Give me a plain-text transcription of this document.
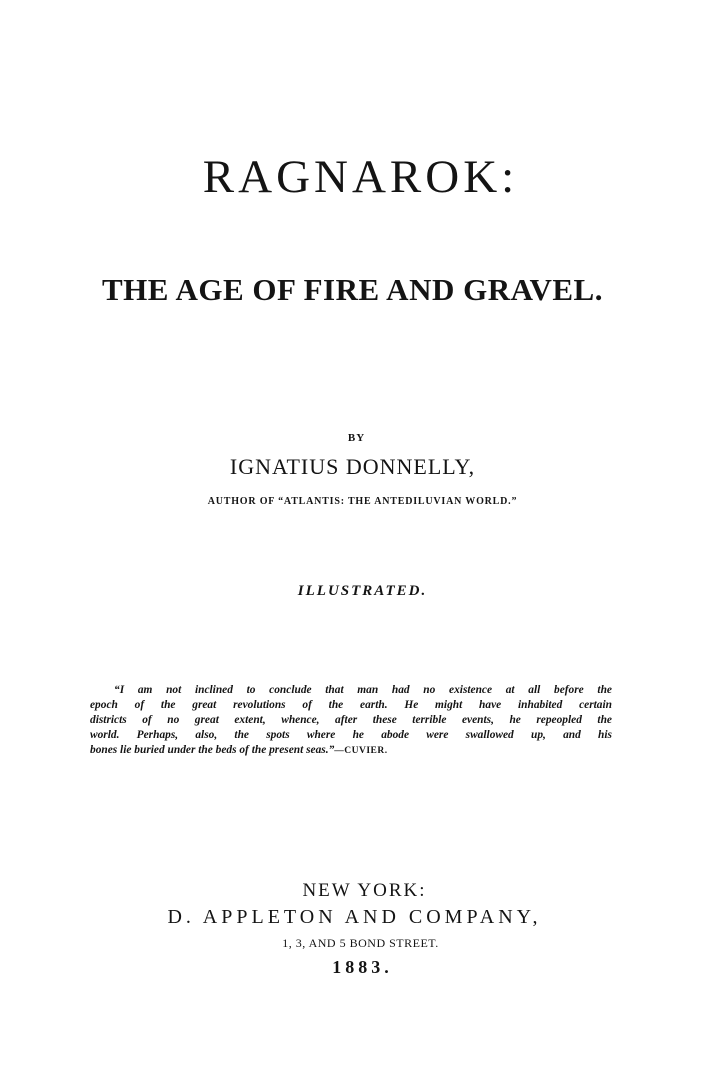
RAGNAROK:
THE AGE OF FIRE AND GRAVEL.
BY
IGNATIUS DONNELLY,
AUTHOR OF “ATLANTIS: THE ANTEDILUVIAN WORLD.”
ILLUSTRATED.
“I am not inclined to conclude that man had no existence at all before the
epoch of the great revolutions of the earth. He might have inhabited certain
districts of no great extent, whence, after these terrible events, he repeopled the
world. Perhaps, also, the spots where he abode were swallowed up, and his
bones lie buried under the beds of the present seas.”—CUVIER.
NEW YORK:
D. APPLETON AND COMPANY,
1, 3, AND 5 BOND STREET.
1883.
